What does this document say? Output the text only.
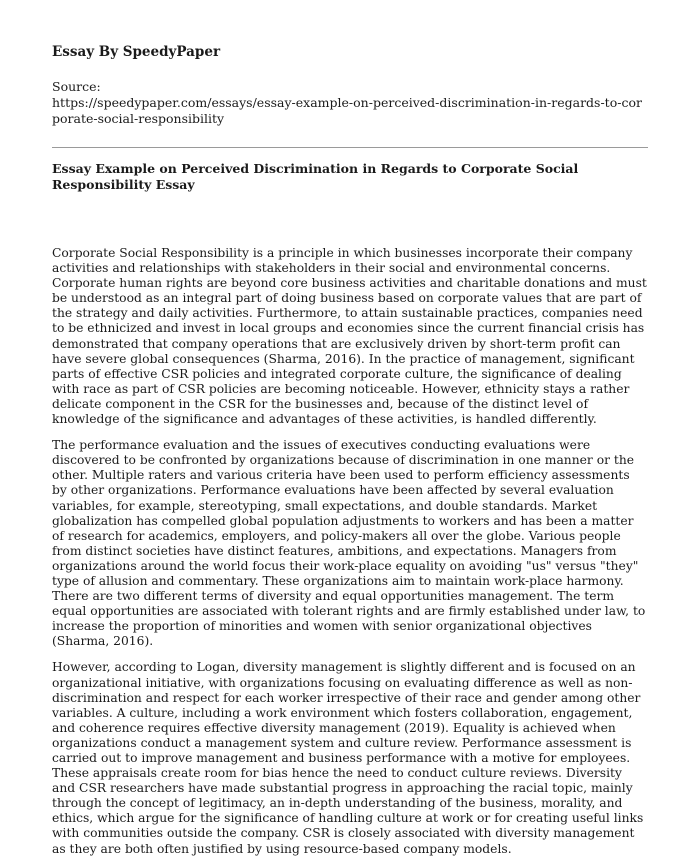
Essay By SpeedyPaper
Source:
https://speedypaper.com/essays/essay-example-on-perceived-discrimination-in-regards-to-corporate-social-responsibility
Essay Example on Perceived Discrimination in Regards to Corporate Social Responsibility Essay

Corporate Social Responsibility is a principle in which businesses incorporate their company activities and relationships with stakeholders in their social and environmental concerns. Corporate human rights are beyond core business activities and charitable donations and must be understood as an integral part of doing business based on corporate values that are part of the strategy and daily activities. Furthermore, to attain sustainable practices, companies need to be ethnicized and invest in local groups and economies since the current financial crisis has demonstrated that company operations that are exclusively driven by short-term profit can have severe global consequences (Sharma, 2016). In the practice of management, significant parts of effective CSR policies and integrated corporate culture, the significance of dealing with race as part of CSR policies are becoming noticeable. However, ethnicity stays a rather delicate component in the CSR for the businesses and, because of the distinct level of knowledge of the significance and advantages of these activities, is handled differently.

The performance evaluation and the issues of executives conducting evaluations were discovered to be confronted by organizations because of discrimination in one manner or the other. Multiple raters and various criteria have been used to perform efficiency assessments by other organizations. Performance evaluations have been affected by several evaluation variables, for example, stereotyping, small expectations, and double standards. Market globalization has compelled global population adjustments to workers and has been a matter of research for academics, employers, and policy-makers all over the globe. Various people from distinct societies have distinct features, ambitions, and expectations. Managers from organizations around the world focus their work-place equality on avoiding "us" versus "they" type of allusion and commentary. These organizations aim to maintain work-place harmony. There are two different terms of diversity and equal opportunities management. The term equal opportunities are associated with tolerant rights and are firmly established under law, to increase the proportion of minorities and women with senior organizational objectives (Sharma, 2016).

However, according to Logan, diversity management is slightly different and is focused on an organizational initiative, with organizations focusing on evaluating difference as well as non-discrimination and respect for each worker irrespective of their race and gender among other variables. A culture, including a work environment which fosters collaboration, engagement, and coherence requires effective diversity management (2019). Equality is achieved when organizations conduct a management system and culture review. Performance assessment is carried out to improve management and business performance with a motive for employees. These appraisals create room for bias hence the need to conduct culture reviews. Diversity and CSR researchers have made substantial progress in approaching the racial topic, mainly through the concept of legitimacy, an in-depth understanding of the business, morality, and ethics, which argue for the significance of handling culture at work or for creating useful links with communities outside the company. CSR is closely associated with diversity management as they are both often justified by using resource-based company models.
